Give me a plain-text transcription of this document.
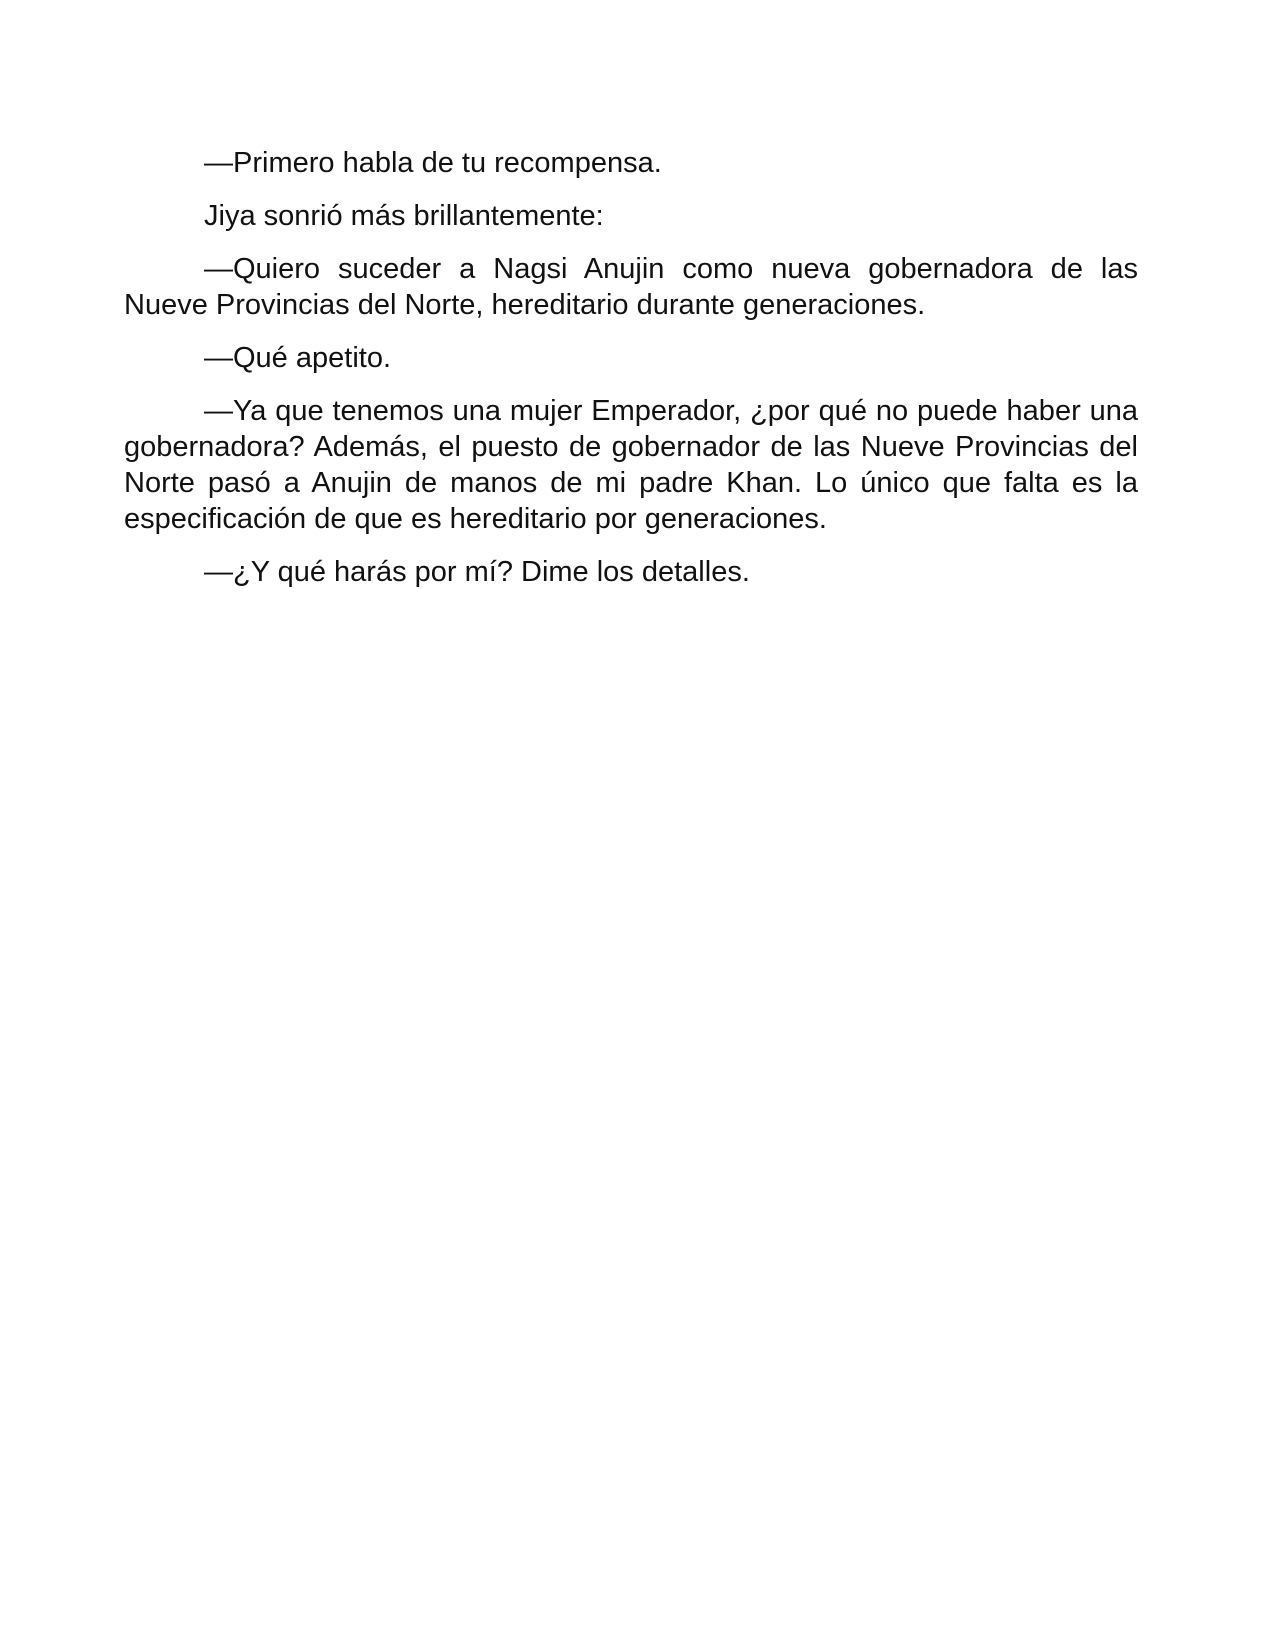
—Primero habla de tu recompensa.

Jiya sonrió más brillantemente:

—Quiero suceder a Nagsi Anujin como nueva gobernadora de las Nueve Provincias del Norte, hereditario durante generaciones.

—Qué apetito.

—Ya que tenemos una mujer Emperador, ¿por qué no puede haber una gobernadora? Además, el puesto de gobernador de las Nueve Provincias del Norte pasó a Anujin de manos de mi padre Khan. Lo único que falta es la especificación de que es hereditario por generaciones.

—¿Y qué harás por mí? Dime los detalles.
